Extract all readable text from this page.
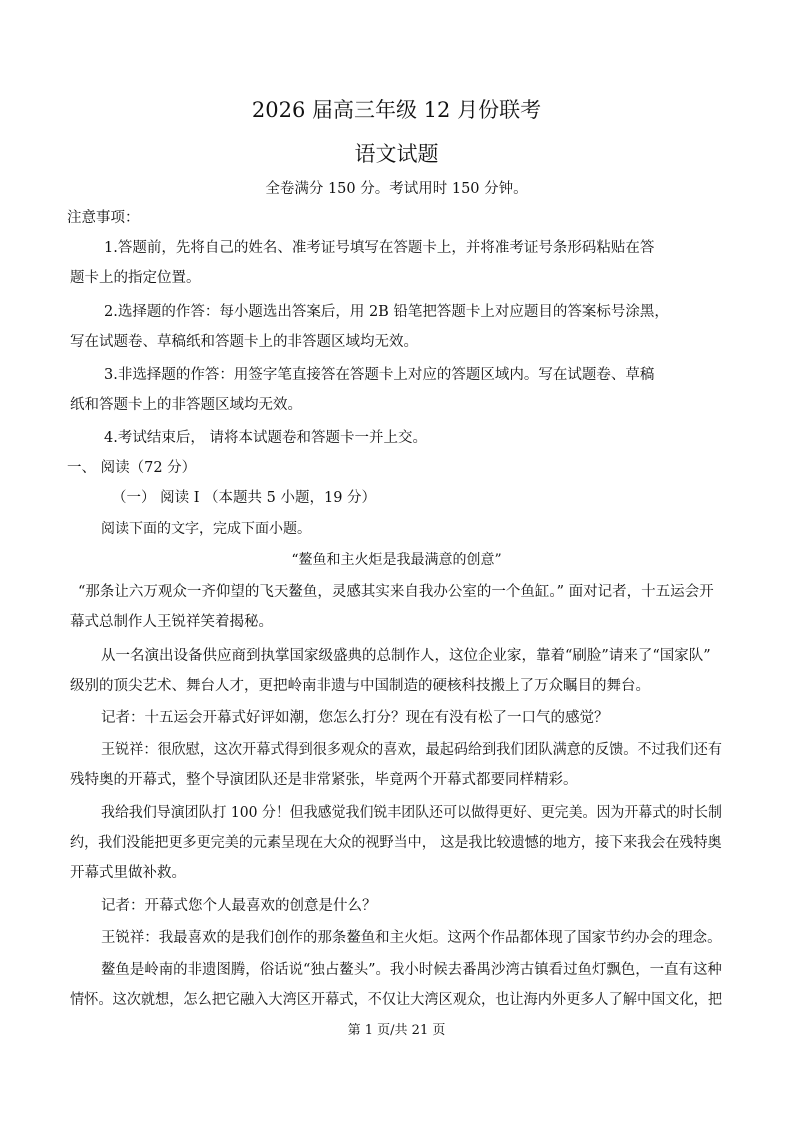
2026 届高三年级 12 月份联考
语文试题
全卷满分 150 分。考试用时 150 分钟。
注意事项：
1.答题前，先将自己的姓名、准考证号填写在答题卡上，并将准考证号条形码粘贴在答
题卡上的指定位置。
2.选择题的作答：每小题选出答案后，用 2B 铅笔把答题卡上对应题目的答案标号涂黑，
写在试题卷、草稿纸和答题卡上的非答题区域均无效。
3.非选择题的作答：用签字笔直接答在答题卡上对应的答题区域内。写在试题卷、草稿
纸和答题卡上的非答题区域均无效。
4.考试结束后， 请将本试题卷和答题卡一并上交。
一、 阅读（72 分）
（一） 阅读 I （本题共 5 小题，19 分）
阅读下面的文字，完成下面小题。
“鳌鱼和主火炬是我最满意的创意”
“那条让六万观众一齐仰望的飞天鳌鱼，灵感其实来自我办公室的一个鱼缸。” 面对记者，十五运会开
幕式总制作人王锐祥笑着揭秘。
从一名演出设备供应商到执掌国家级盛典的总制作人，这位企业家，靠着“刷脸”请来了“国家队”
级别的顶尖艺术、舞台人才，更把岭南非遗与中国制造的硬核科技搬上了万众瞩目的舞台。
记者：十五运会开幕式好评如潮，您怎么打分？现在有没有松了一口气的感觉？
王锐祥：很欣慰，这次开幕式得到很多观众的喜欢，最起码给到我们团队满意的反馈。不过我们还有
残特奥的开幕式，整个导演团队还是非常紧张，毕竟两个开幕式都要同样精彩。
我给我们导演团队打 100 分！但我感觉我们锐丰团队还可以做得更好、更完美。因为开幕式的时长制
约，我们没能把更多更完美的元素呈现在大众的视野当中， 这是我比较遗憾的地方，接下来我会在残特奥
开幕式里做补救。
记者：开幕式您个人最喜欢的创意是什么？
王锐祥：我最喜欢的是我们创作的那条鳌鱼和主火炬。这两个作品都体现了国家节约办会的理念。
鳌鱼是岭南的非遗图腾，俗话说“独占鳌头”。我小时候去番禺沙湾古镇看过鱼灯飘色，一直有这种
情怀。这次就想，怎么把它融入大湾区开幕式，不仅让大湾区观众，也让海内外更多人了解中国文化，把
第 1 页/共 21 页
